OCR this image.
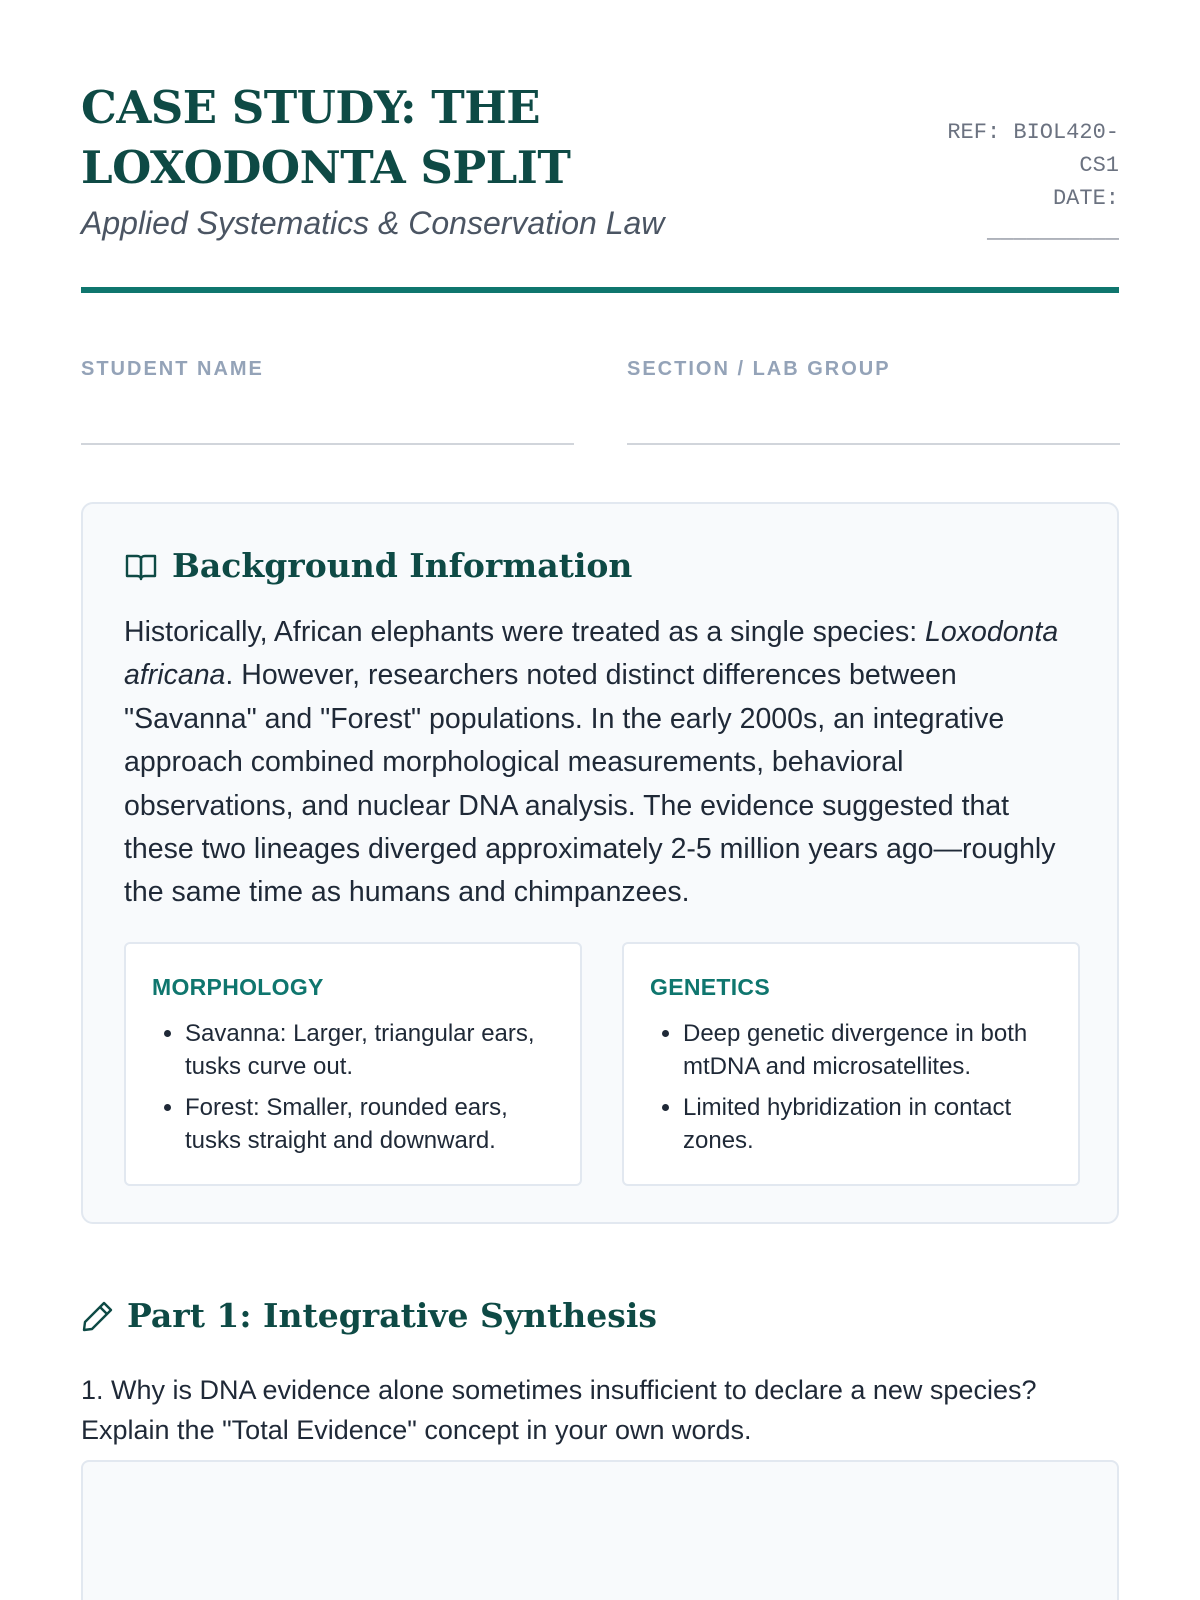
CASE STUDY: THE LOXODONTA SPLIT

Applied Systematics & Conservation Law

REF: BIOL420-
CS1
DATE:
__________
STUDENT NAME	SECTION / LAB GROUP
Background Information

Historically, African elephants were treated as a single species: Loxodonta africana. However, researchers noted distinct differences between "Savanna" and "Forest" populations. In the early 2000s, an integrative approach combined morphological measurements, behavioral observations, and nuclear DNA analysis. The evidence suggested that these two lineages diverged approximately 2-5 million years ago—roughly the same time as humans and chimpanzees.

MORPHOLOGY
• Savanna: Larger, triangular ears, tusks curve out.
• Forest: Smaller, rounded ears, tusks straight and downward.
GENETICS
• Deep genetic divergence in both mtDNA and microsatellites.
• Limited hybridization in contact zones.
Part 1: Integrative Synthesis

1. Why is DNA evidence alone sometimes insufficient to declare a new species? Explain the "Total Evidence" concept in your own words.
